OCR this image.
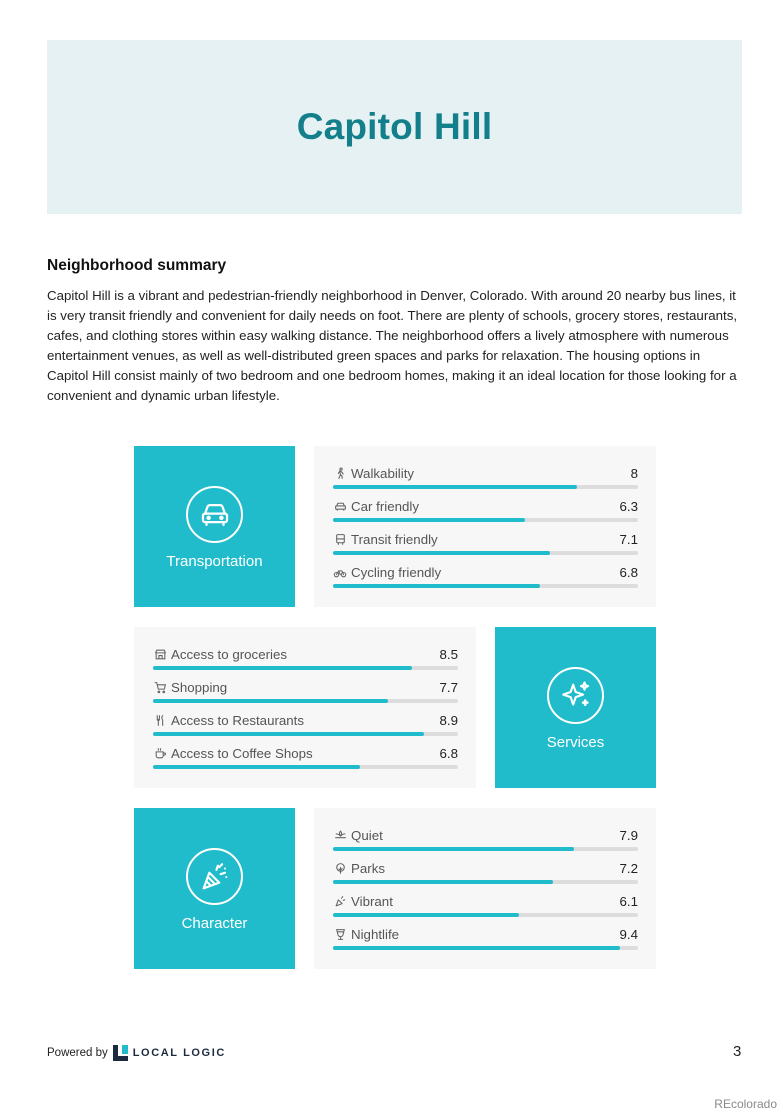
Capitol Hill
Neighborhood summary

Capitol Hill is a vibrant and pedestrian-friendly neighborhood in Denver, Colorado. With around 20 nearby bus lines, it is very transit friendly and convenient for daily needs on foot. There are plenty of schools, grocery stores, restaurants, cafes, and clothing stores within easy walking distance. The neighborhood offers a lively atmosphere with numerous entertainment venues, as well as well-distributed green spaces and parks for relaxation. The housing options in Capitol Hill consist mainly of two bedroom and one bedroom homes, making it an ideal location for those looking for a convenient and dynamic urban lifestyle.

Transportation
Walkability	8
Car friendly	6.3
Transit friendly	7.1
Cycling friendly	6.8
Access to groceries	8.5
Shopping	7.7
Access to Restaurants	8.9
Access to Coffee Shops	6.8
Services
Character
Quiet	7.9
Parks	7.2
Vibrant	6.1
Nightlife	9.4
Powered by LOCAL LOGIC	3
REcolorado
